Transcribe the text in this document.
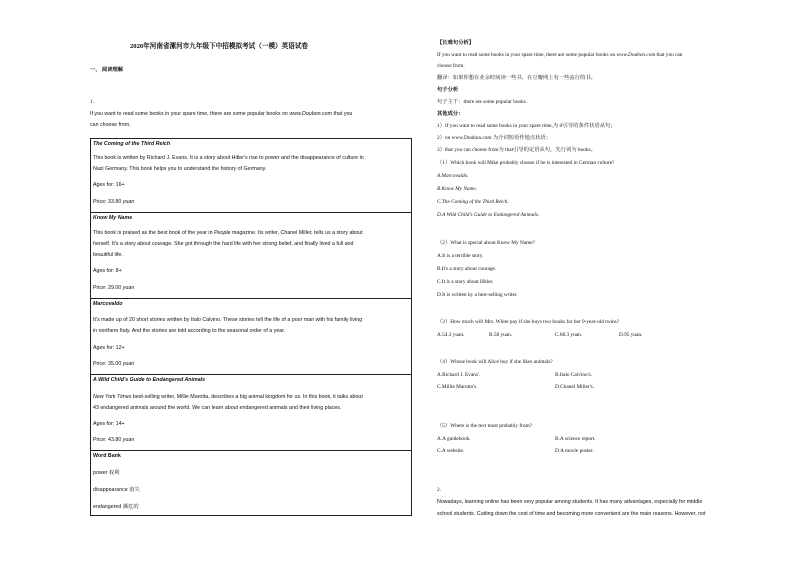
2020年河南省漯河市九年级下中招模拟考试（一模）英语试卷
一、 阅读理解
1.
If you want to read some books in your spare time, there are some popular books on www.Doubon.com that you
can choose from.
The Coming of the Third Reich
This book is written by Richard J. Evans. It is a story about Hitler's rise to power and the disappearance of culture in
Nazi Germany. This book helps you to understand the history of Germany.
Ages for: 16+
Price: 33.80 yuan
Know My Name
This book is praised as the best book of the year in People magazine. Its writer, Chanel Miller, tells us a story about
herself. It's a story about courage. She got through the hard life with her strong belief, and finally lived a full and
beautiful life.
Ages for: 8+
Price: 29.00 yuan
Marcovaldo
It's made up of 20 short stories written by Italo Calvino. These stories tell the life of a poor man with his family living
in northern Italy. And the stories are told according to the seasonal order of a year.
Ages for: 12+
Price: 35.00 yuan
A Wild Child's Guide to Endangered Animals
New York Times best-selling writer, Millie Marotta, describes a big animal kingdom for us. In this book, it talks about
43 endangered animals around the world. We can learn about endangered animals and their living places.
Ages for: 14+
Price: 43.80 yuan
Word Bank
power 权利
disappearance 消失
endangered 濒危的
【长难句分析】
If you want to read some books in your spare time, there are some popular books on www.Doubon.com that you can
choose from.
翻译：如果你想在业余时间读一些书，在豆瓣网上有一些流行的书。
句子分析
句子主干：there are some popular books .
其他成分：
1）If you want to read some books in your spare time,为 if引导的条件状语从句；
2）on www.Doubon.com 为介词短语作地点状语；
3）that you can choose from为 that引导的定语从句，先行词为 books。
（1）Which book will Mike probably choose if he is interested in German culture?
A.Marcovaldo.
B.Know My Name.
C.The Coming of the Third Reich.
D.A Wild Child's Guide to Endangered Animals.
（2）What is special about Know My Name?
A.It is a terrible story.
B.It's a story about courage.
C.It is a story about Hitler.
D.It is written by a best-selling writer.
（3）How much will Mrs. White pay if she buys two books for her 9-year-old twins?
A.54.3 yuan.	B.58 yuan.	C.68.3 yuan.	D.95 yuan.
（4）Whose book will Alice buy if she likes animals?
A.Richard J. Evans'.	B.Italo Calvino's.
C.Millie Marotta's.	D.Chanel Miller's.
（5）Where is the text most probably from?
A.A guidebook.	B.A science report.
C.A website.	D.A movie poster.
2.
Nowadays, learning online has been very popular among students. It has many advantages, especially for middle
school students. Cutting down the cost of time and becoming more convenient are the main reasons. However, not
